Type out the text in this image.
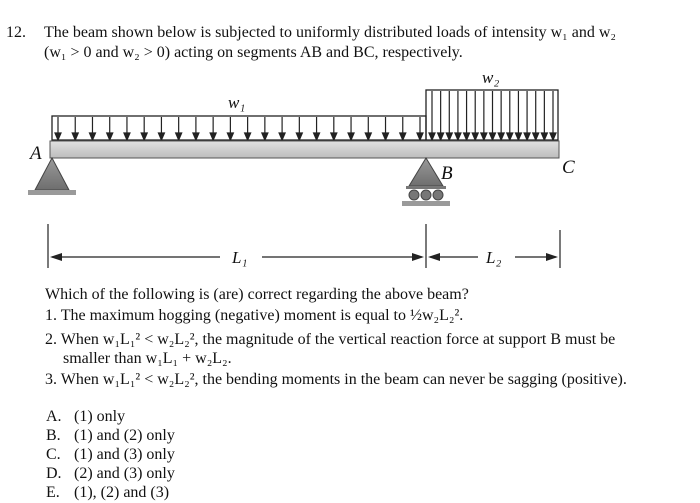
12. The beam shown below is subjected to uniformly distributed loads of intensity w₁ and w₂
(w₁ > 0 and w₂ > 0) acting on segments AB and BC, respectively.
w₁
w₂
A
B	C
L₁	L₂
Which of the following is (are) correct regarding the above beam?
1. The maximum hogging (negative) moment is equal to ½w₂L₂².
2. When w₁L₁² < w₂L₂², the magnitude of the vertical reaction force at support B must be
smaller than w₁L₁ + w₂L₂.
3. When w₁L₁² < w₂L₂², the bending moments in the beam can never be sagging (positive).
A. (1) only
B. (1) and (2) only
C. (1) and (3) only
D. (2) and (3) only
E. (1), (2) and (3)
